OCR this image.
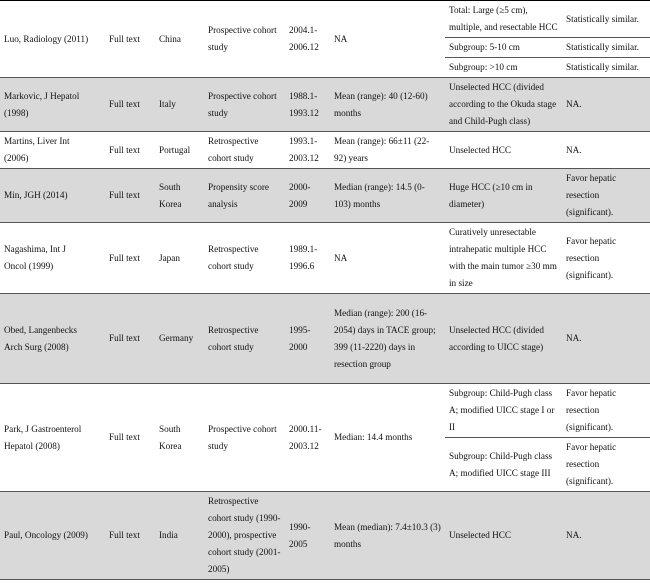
Luo, Radiology (2011)	Full text	China	Prospective cohort study	2004.1-2006.12	NA	Total: Large (≥5 cm), multiple, and resectable HCC	Statistically similar.
						Subgroup: 5-10 cm	Statistically similar.
						Subgroup: >10 cm	Statistically similar.
Markovic, J Hepatol (1998)	Full text	Italy	Prospective cohort study	1988.1-1993.12	Mean (range): 40 (12-60) months	Unselected HCC (divided according to the Okuda stage and Child-Pugh class)	NA.
Martins, Liver Int (2006)	Full text	Portugal	Retrospective cohort study	1993.1-2003.12	Mean (range): 66±11 (22-92) years	Unselected HCC	NA.
Min, JGH (2014)	Full text	South Korea	Propensity score analysis	2000-2009	Median (range): 14.5 (0-103) months	Huge HCC (≥10 cm in diameter)	Favor hepatic resection (significant).
Nagashima, Int J Oncol (1999)	Full text	Japan	Retrospective cohort study	1989.1-1996.6	NA	Curatively unresectable intrahepatic multiple HCC with the main tumor ≥30 mm in size	Favor hepatic resection (significant).
Obed, Langenbecks Arch Surg (2008)	Full text	Germany	Retrospective cohort study	1995-2000	Median (range): 200 (16-2054) days in TACE group; 399 (11-2220) days in resection group	Unselected HCC (divided according to UICC stage)	NA.
Park, J Gastroenterol Hepatol (2008)	Full text	South Korea	Prospective cohort study	2000.11-2003.12	Median: 14.4 months	Subgroup: Child-Pugh class A; modified UICC stage I or II	Favor hepatic resection (significant).
						Subgroup: Child-Pugh class A; modified UICC stage III	Favor hepatic resection (significant).
Paul, Oncology (2009)	Full text	India	Retrospective cohort study (1990-2000), prospective cohort study (2001-2005)	1990-2005	Mean (median): 7.4±10.3 (3) months	Unselected HCC	NA.
